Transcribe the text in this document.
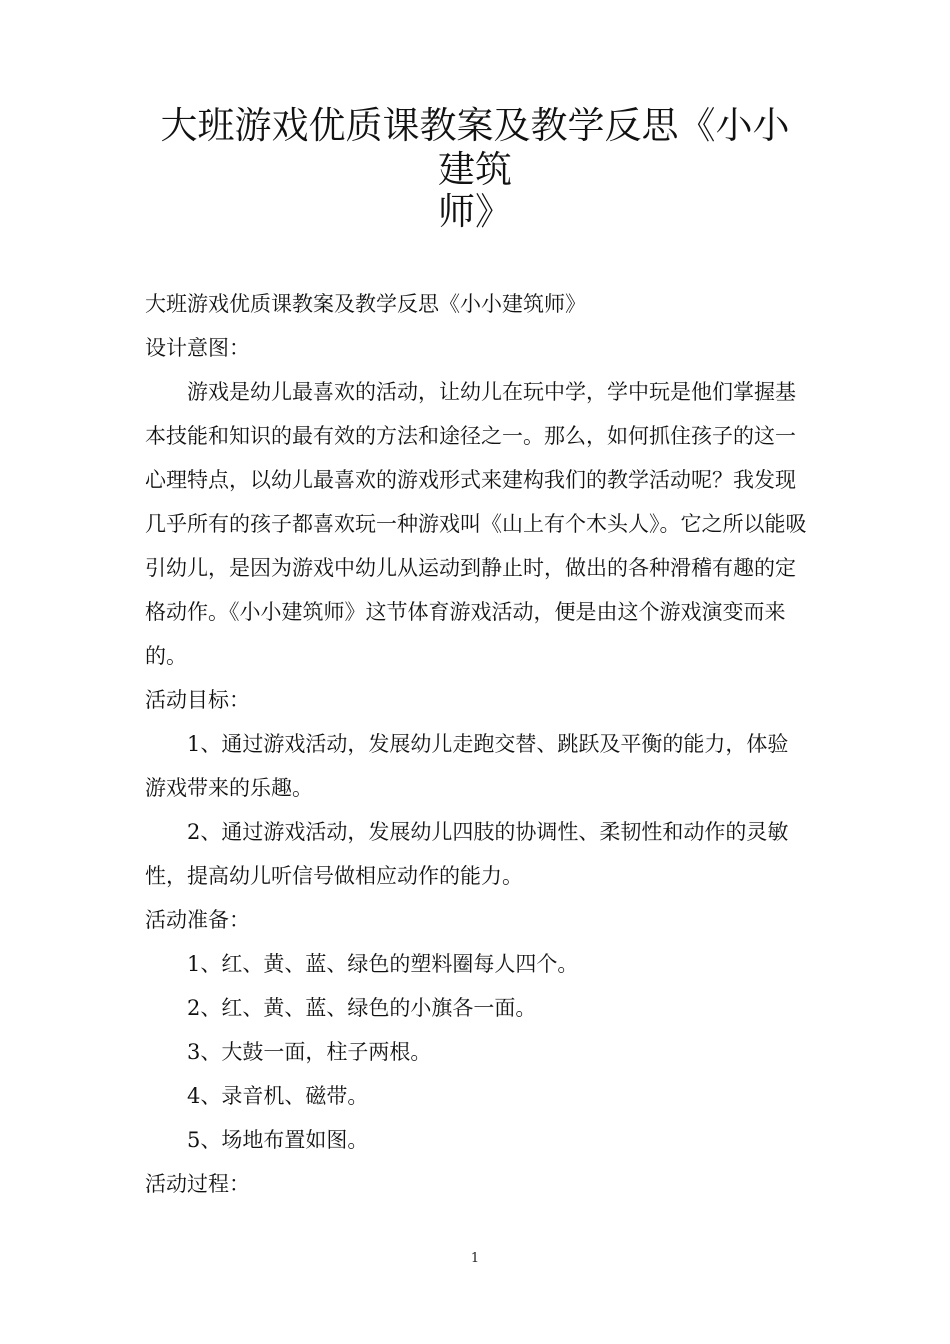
大班游戏优质课教案及教学反思《小小建筑
师》

大班游戏优质课教案及教学反思《小小建筑师》

设计意图：

游戏是幼儿最喜欢的活动，让幼儿在玩中学，学中玩是他们掌握基本技能和知识的最有效的方法和途径之一。那么，如何抓住孩子的这一心理特点，以幼儿最喜欢的游戏形式来建构我们的教学活动呢？我发现几乎所有的孩子都喜欢玩一种游戏叫《山上有个木头人》。它之所以能吸引幼儿，是因为游戏中幼儿从运动到静止时，做出的各种滑稽有趣的定格动作。《小小建筑师》这节体育游戏活动，便是由这个游戏演变而来的。

活动目标：

1、通过游戏活动，发展幼儿走跑交替、跳跃及平衡的能力，体验游戏带来的乐趣。

2、通过游戏活动，发展幼儿四肢的协调性、柔韧性和动作的灵敏性，提高幼儿听信号做相应动作的能力。

活动准备：

1、红、黄、蓝、绿色的塑料圈每人四个。

2、红、黄、蓝、绿色的小旗各一面。

3、大鼓一面，柱子两根。

4、录音机、磁带。

5、场地布置如图。

活动过程：

1
